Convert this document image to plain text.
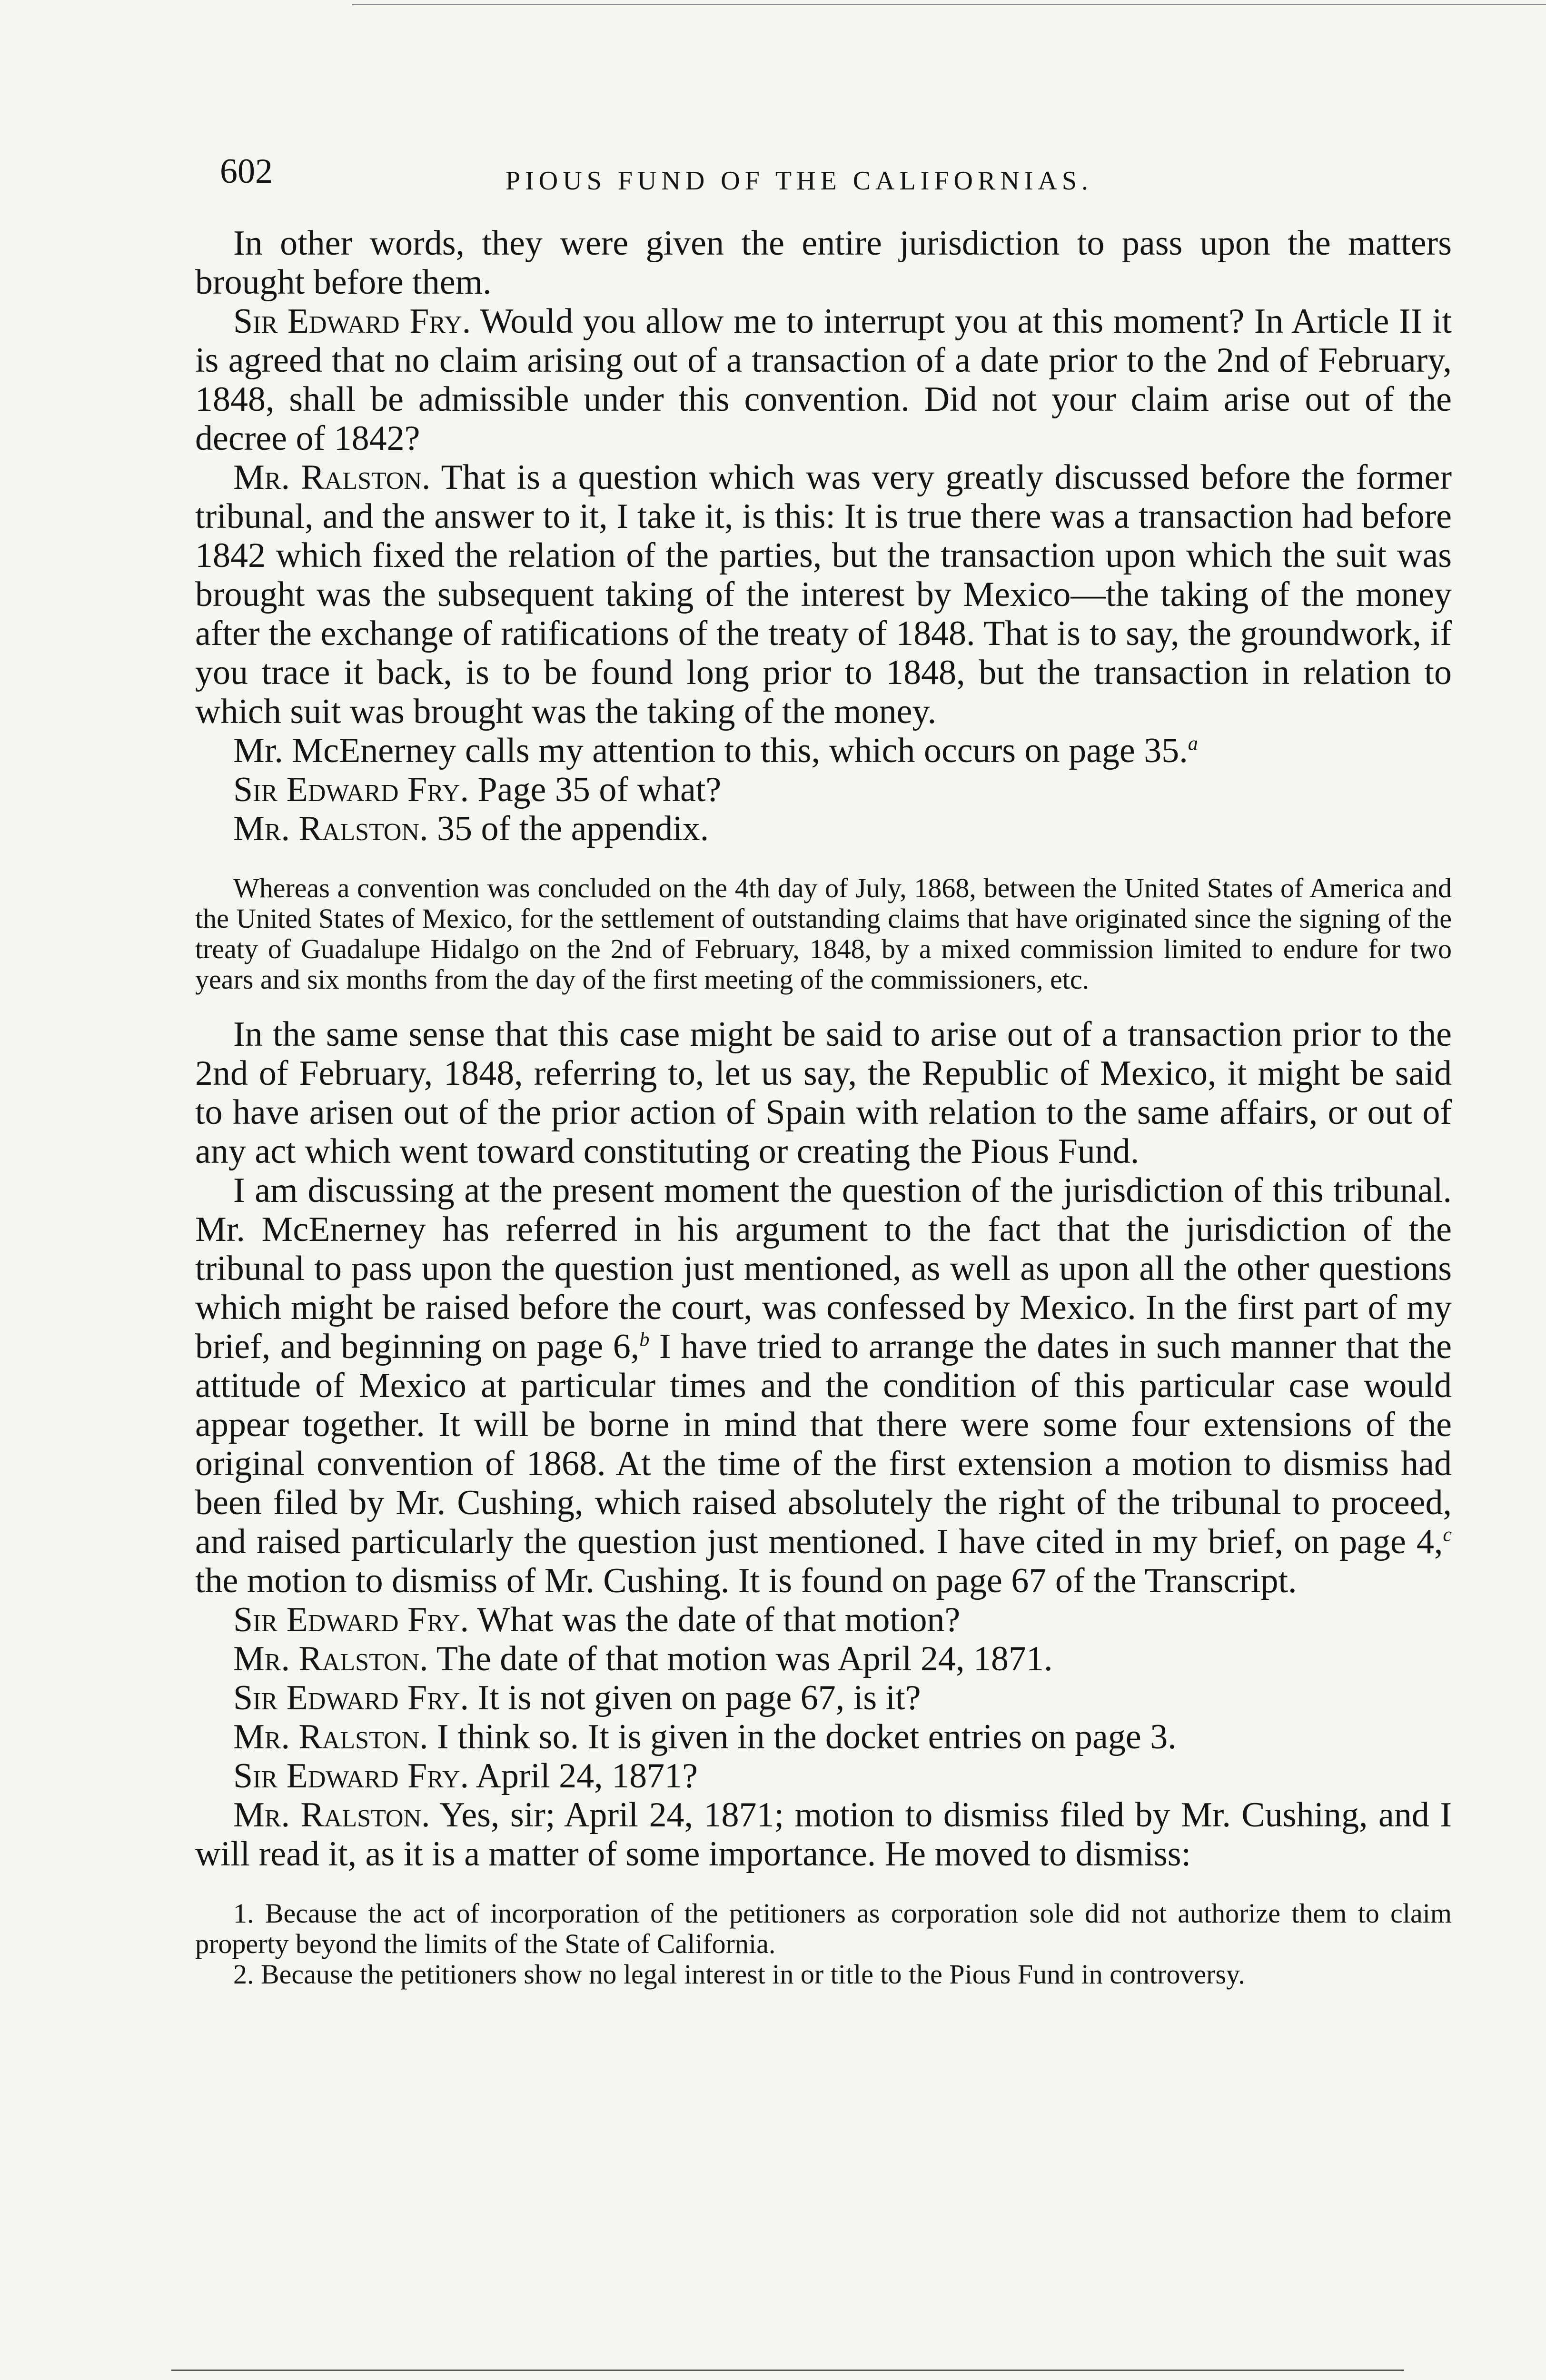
602	PIOUS FUND OF THE CALIFORNIAS.

In other words, they were given the entire jurisdiction to pass upon the matters brought before them.

Sir Edward Fry. Would you allow me to interrupt you at this moment? In Article II it is agreed that no claim arising out of a transaction of a date prior to the 2nd of February, 1848, shall be admissible under this convention. Did not your claim arise out of the decree of 1842?

Mr. Ralston. That is a question which was very greatly discussed before the former tribunal, and the answer to it, I take it, is this: It is true there was a transaction had before 1842 which fixed the relation of the parties, but the transaction upon which the suit was brought was the subsequent taking of the interest by Mexico—the taking of the money after the exchange of ratifications of the treaty of 1848. That is to say, the groundwork, if you trace it back, is to be found long prior to 1848, but the transaction in relation to which suit was brought was the taking of the money.

Mr. McEnerney calls my attention to this, which occurs on page 35.$^a$

Sir Edward Fry. Page 35 of what?

Mr. Ralston. 35 of the appendix.

Whereas a convention was concluded on the 4th day of July, 1868, between the United States of America and the United States of Mexico, for the settlement of outstanding claims that have originated since the signing of the treaty of Guadalupe Hidalgo on the 2nd of February, 1848, by a mixed commission limited to endure for two years and six months from the day of the first meeting of the commissioners, etc.

In the same sense that this case might be said to arise out of a transaction prior to the 2nd of February, 1848, referring to, let us say, the Republic of Mexico, it might be said to have arisen out of the prior action of Spain with relation to the same affairs, or out of any act which went toward constituting or creating the Pious Fund.

I am discussing at the present moment the question of the jurisdiction of this tribunal. Mr. McEnerney has referred in his argument to the fact that the jurisdiction of the tribunal to pass upon the question just mentioned, as well as upon all the other questions which might be raised before the court, was confessed by Mexico. In the first part of my brief, and beginning on page 6,$^b$ I have tried to arrange the dates in such manner that the attitude of Mexico at particular times and the condition of this particular case would appear together. It will be borne in mind that there were some four extensions of the original convention of 1868. At the time of the first extension a motion to dismiss had been filed by Mr. Cushing, which raised absolutely the right of the tribunal to proceed, and raised particularly the question just mentioned. I have cited in my brief, on page 4,$^c$ the motion to dismiss of Mr. Cushing. It is found on page 67 of the Transcript.

Sir Edward Fry. What was the date of that motion?

Mr. Ralston. The date of that motion was April 24, 1871.

Sir Edward Fry. It is not given on page 67, is it?

Mr. Ralston. I think so. It is given in the docket entries on page 3.

Sir Edward Fry. April 24, 1871?

Mr. Ralston. Yes, sir; April 24, 1871; motion to dismiss filed by Mr. Cushing, and I will read it, as it is a matter of some importance. He moved to dismiss:

1. Because the act of incorporation of the petitioners as corporation sole did not authorize them to claim property beyond the limits of the State of California.

2. Because the petitioners show no legal interest in or title to the Pious Fund in controversy.
